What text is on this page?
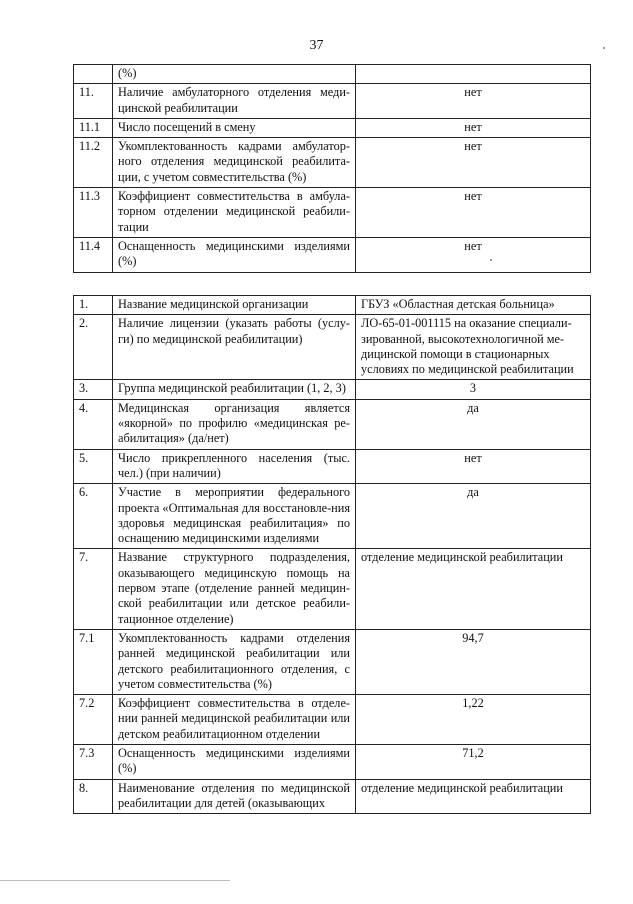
37
	(%)	
11.	Наличие амбулаторного отделения меди-цинской реабилитации	нет
11.1	Число посещений в смену	нет
11.2	Укомплектованность кадрами амбулатор-ного отделения медицинской реабилита-ции, с учетом совместительства (%)	нет
11.3	Коэффициент совместительства в амбула-торном отделении медицинской реабили-тации	нет
11.4	Оснащенность медицинскими изделиями (%)	нет
1.	Название медицинской организации	ГБУЗ «Областная детская больница»
2.	Наличие лицензии (указать работы (услу-ги) по медицинской реабилитации)	ЛО-65-01-001115 на оказание специали-зированной, высокотехнологичной ме-дицинской помощи в стационарных условиях по медицинской реабилитации
3.	Группа медицинской реабилитации (1, 2, 3)	3
4.	Медицинская организация является «якорной» по профилю «медицинская ре-абилитация» (да/нет)	да
5.	Число прикрепленного населения (тыс. чел.) (при наличии)	нет
6.	Участие в мероприятии федерального проекта «Оптимальная для восстановле-ния здоровья медицинская реабилитация» по оснащению медицинскими изделиями	да
7.	Название структурного подразделения, оказывающего медицинскую помощь на первом этапе (отделение ранней медицин-ской реабилитации или детское реабили-тационное отделение)	отделение медицинской реабилитации
7.1	Укомплектованность кадрами отделения ранней медицинской реабилитации или детского реабилитационного отделения, с учетом совместительства (%)	94,7
7.2	Коэффициент совместительства в отделе-нии ранней медицинской реабилитации или детском реабилитационном отделении	1,22
7.3	Оснащенность медицинскими изделиями (%)	71,2
8.	Наименование отделения по медицинской реабилитации для детей (оказывающих	отделение медицинской реабилитации
